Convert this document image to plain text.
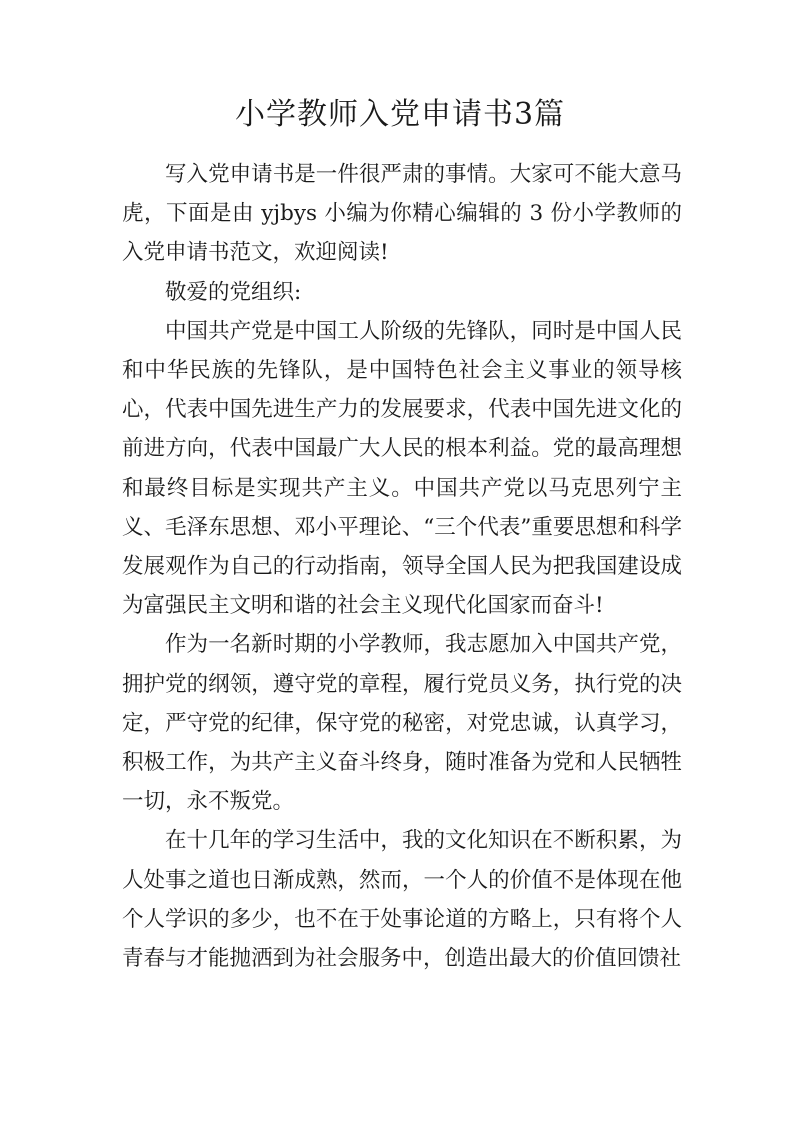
小学教师入党申请书3篇

写入党申请书是一件很严肃的事情。大家可不能大意马虎，下面是由 yjbys 小编为你精心编辑的 3 份小学教师的入党申请书范文，欢迎阅读!

敬爱的党组织:

中国共产党是中国工人阶级的先锋队，同时是中国人民和中华民族的先锋队，是中国特色社会主义事业的领导核心，代表中国先进生产力的发展要求，代表中国先进文化的前进方向，代表中国最广大人民的根本利益。党的最高理想和最终目标是实现共产主义。中国共产党以马克思列宁主义、毛泽东思想、邓小平理论、“三个代表”重要思想和科学发展观作为自己的行动指南，领导全国人民为把我国建设成为富强民主文明和谐的社会主义现代化国家而奋斗!

作为一名新时期的小学教师，我志愿加入中国共产党，拥护党的纲领，遵守党的章程，履行党员义务，执行党的决定，严守党的纪律，保守党的秘密，对党忠诚，认真学习，积极工作，为共产主义奋斗终身，随时准备为党和人民牺牲一切，永不叛党。

在十几年的学习生活中，我的文化知识在不断积累，为人处事之道也日渐成熟，然而，一个人的价值不是体现在他个人学识的多少，也不在于处事论道的方略上，只有将个人青春与才能抛洒到为社会服务中，创造出最大的价值回馈社
